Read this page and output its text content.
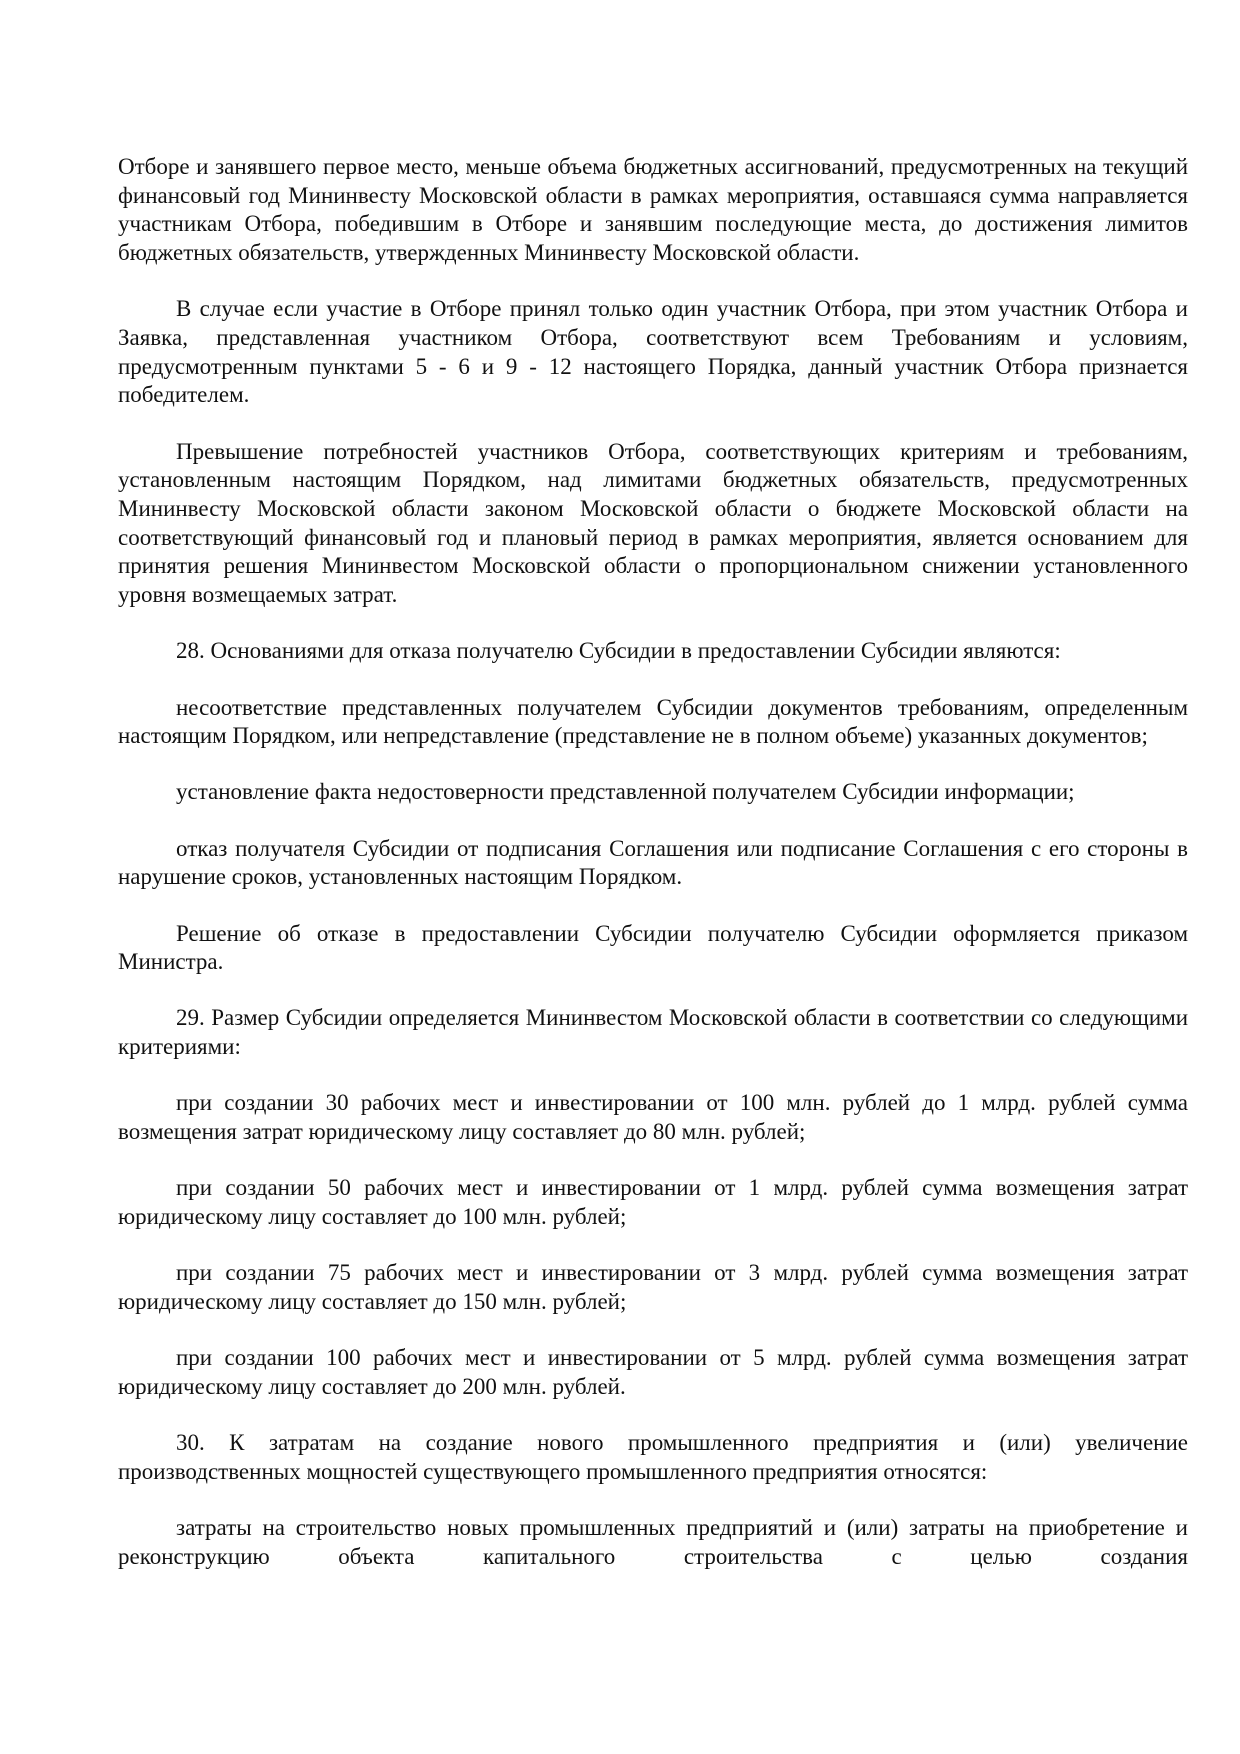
Отборе и занявшего первое место, меньше объема бюджетных ассигнований, предусмотренных на текущий финансовый год Мининвесту Московской области в рамках мероприятия, оставшаяся сумма направляется участникам Отбора, победившим в Отборе и занявшим последующие места, до достижения лимитов бюджетных обязательств, утвержденных Мининвесту Московской области.

В случае если участие в Отборе принял только один участник Отбора, при этом участник Отбора и Заявка, представленная участником Отбора, соответствуют всем Требованиям и условиям, предусмотренным пунктами 5 - 6 и 9 - 12 настоящего Порядка, данный участник Отбора признается победителем.

Превышение потребностей участников Отбора, соответствующих критериям и требованиям, установленным настоящим Порядком, над лимитами бюджетных обязательств, предусмотренных Мининвесту Московской области законом Московской области о бюджете Московской области на соответствующий финансовый год и плановый период в рамках мероприятия, является основанием для принятия решения Мининвестом Московской области о пропорциональном снижении установленного уровня возмещаемых затрат.

28. Основаниями для отказа получателю Субсидии в предоставлении Субсидии являются:

несоответствие представленных получателем Субсидии документов требованиям, определенным настоящим Порядком, или непредставление (представление не в полном объеме) указанных документов;

установление факта недостоверности представленной получателем Субсидии информации;

отказ получателя Субсидии от подписания Соглашения или подписание Соглашения с его стороны в нарушение сроков, установленных настоящим Порядком.

Решение об отказе в предоставлении Субсидии получателю Субсидии оформляется приказом Министра.

29. Размер Субсидии определяется Мининвестом Московской области в соответствии со следующими критериями:

при создании 30 рабочих мест и инвестировании от 100 млн. рублей до 1 млрд. рублей сумма возмещения затрат юридическому лицу составляет до 80 млн. рублей;

при создании 50 рабочих мест и инвестировании от 1 млрд. рублей сумма возмещения затрат юридическому лицу составляет до 100 млн. рублей;

при создании 75 рабочих мест и инвестировании от 3 млрд. рублей сумма возмещения затрат юридическому лицу составляет до 150 млн. рублей;

при создании 100 рабочих мест и инвестировании от 5 млрд. рублей сумма возмещения затрат юридическому лицу составляет до 200 млн. рублей.

30. К затратам на создание нового промышленного предприятия и (или) увеличение производственных мощностей существующего промышленного предприятия относятся:

затраты на строительство новых промышленных предприятий и (или) затраты на приобретение и реконструкцию объекта капитального строительства с целью создания
